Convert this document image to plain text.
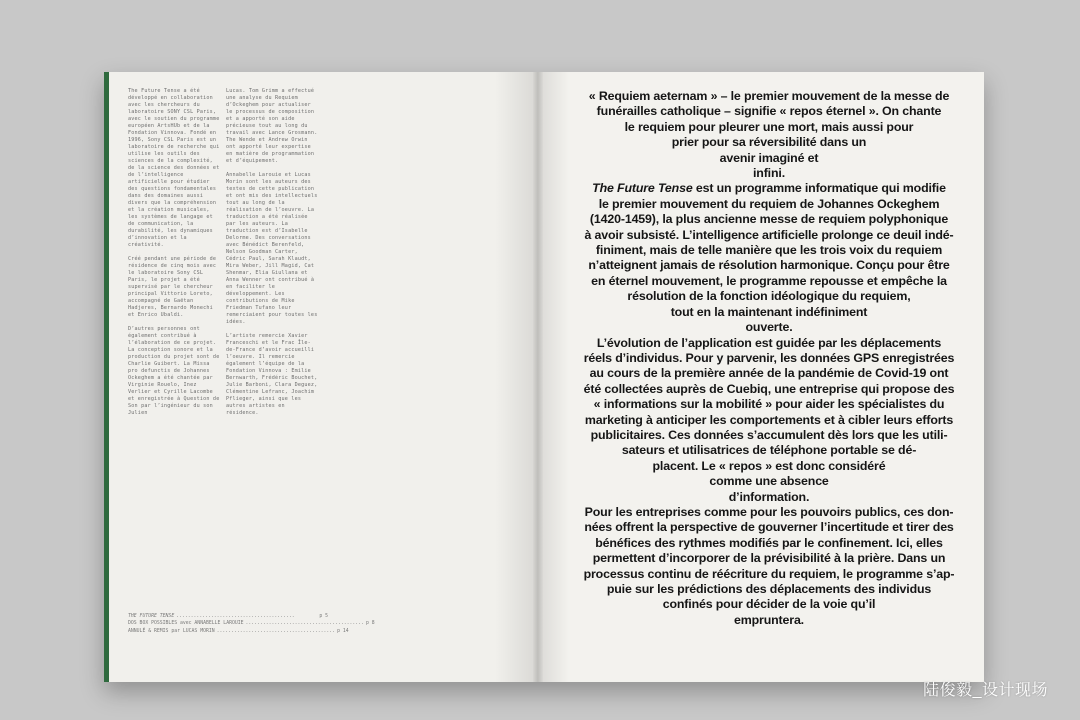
The Future Tense a été développé en collaboration avec les chercheurs du laboratoire SONY CSL Paris, avec le soutien du programme européen ArtsHUb et de la Fondation Vinnova. Fondé en 1996, Sony CSL Paris est un laboratoire de recherche qui utilise les outils des sciences de la complexité, de la science des données et de l’intelligence artificielle pour étudier des questions fondamentales dans des domaines aussi divers que la compréhension et la création musicales, les systèmes de langage et de communication, la durabilité, les dynamiques d’innovation et la créativité.

Créé pendant une période de résidence de cinq mois avec le laboratoire Sony CSL Paris, le projet a été supervisé par le chercheur principal Vittorio Loreto, accompagné de Gaëtan Hadjeres, Bernardo Monechi et Enrico Ubaldi.

D’autres personnes ont également contribué à l’élaboration de ce projet. La conception sonore et la production du projet sont de Charlie Guibert. La Missa pro defunctis de Johannes Ockeghem a été chantée par Virginie Rouelo, Inez Verlier et Cyrille Lacombe et enregistrée à Question de Son par l’ingénieur du son Julien

Lucas. Tom Grimm a effectué une analyse du Requiem d’Ockeghem pour actualiser le processus de composition et a apporté son aide précieuse tout au long du travail avec Lance Grosmann. The Wende et Andrew Orwin ont apporté leur expertise en matière de programmation et d’équipement.

Annabelle Larouie et Lucas Morin sont les auteurs des textes de cette publication et ont mis des intellectuels tout au long de la réalisation de l’oeuvre. La traduction a été réalisée par les auteurs. La traduction est d’Isabelle Delorme. Des conversations avec Bénédict Berenfeld, Nelson Goodman Carter, Cédric Paul, Sarah Klaudt, Mira Weber, Jill Magid, Cat Shenmar, Elia Giullana et Anna Wenner ont contribué à en faciliter le développement. Les contributions de Mike Friedman Tufano leur remerciaient pour toutes les idées.

L’artiste remercie Xavier Franceschi et le Frac Île-de-France d’avoir accueilli l’oeuvre. Il remercie également l’équipe de la Fondation Vinnova : Emilie Bernwarth, Frédéric Bouchet, Julie Barboni, Clara Deguez, Clémentine Lefranc, Joachim Pflieger, ainsi que les autres artistes en résidence.

THE FUTURE TENSE .........................................	p 5
DOS BOX POSSIBLES avec ANNABELLE LAROUIE ......................................... p 8
ANNULÉ & REMIS par LUCAS MORIN ......................................... p 14

« Requiem aeternam » – le premier mouvement de la messe de

funérailles catholique – signifie « repos éternel ». On chante

le requiem pour pleurer une mort, mais aussi pour

prier pour sa réversibilité dans un

avenir imaginé et

infini.

The Future Tense est un programme informatique qui modifie

le premier mouvement du requiem de Johannes Ockeghem

(1420-1459), la plus ancienne messe de requiem polyphonique

à avoir subsisté. L’intelligence artificielle prolonge ce deuil indé-

finiment, mais de telle manière que les trois voix du requiem

n’atteignent jamais de résolution harmonique. Conçu pour être

en éternel mouvement, le programme repousse et empêche la

résolution de la fonction idéologique du requiem,

tout en la maintenant indéfiniment

ouverte.

L’évolution de l’application est guidée par les déplacements

réels d’individus. Pour y parvenir, les données GPS enregistrées

au cours de la première année de la pandémie de Covid-19 ont

été collectées auprès de Cuebiq, une entreprise qui propose des

« informations sur la mobilité » pour aider les spécialistes du

marketing à anticiper les comportements et à cibler leurs efforts

publicitaires. Ces données s’accumulent dès lors que les utili-

sateurs et utilisatrices de téléphone portable se dé-

placent. Le « repos » est donc considéré

comme une absence

d’information.

Pour les entreprises comme pour les pouvoirs publics, ces don-

nées offrent la perspective de gouverner l’incertitude et tirer des

bénéfices des rythmes modifiés par le confinement. Ici, elles

permettent d’incorporer de la prévisibilité à la prière. Dans un

processus continu de réécriture du requiem, le programme s’ap-

puie sur les prédictions des déplacements des individus

confinés pour décider de la voie qu’il

empruntera.

陆俊毅_设计现场
